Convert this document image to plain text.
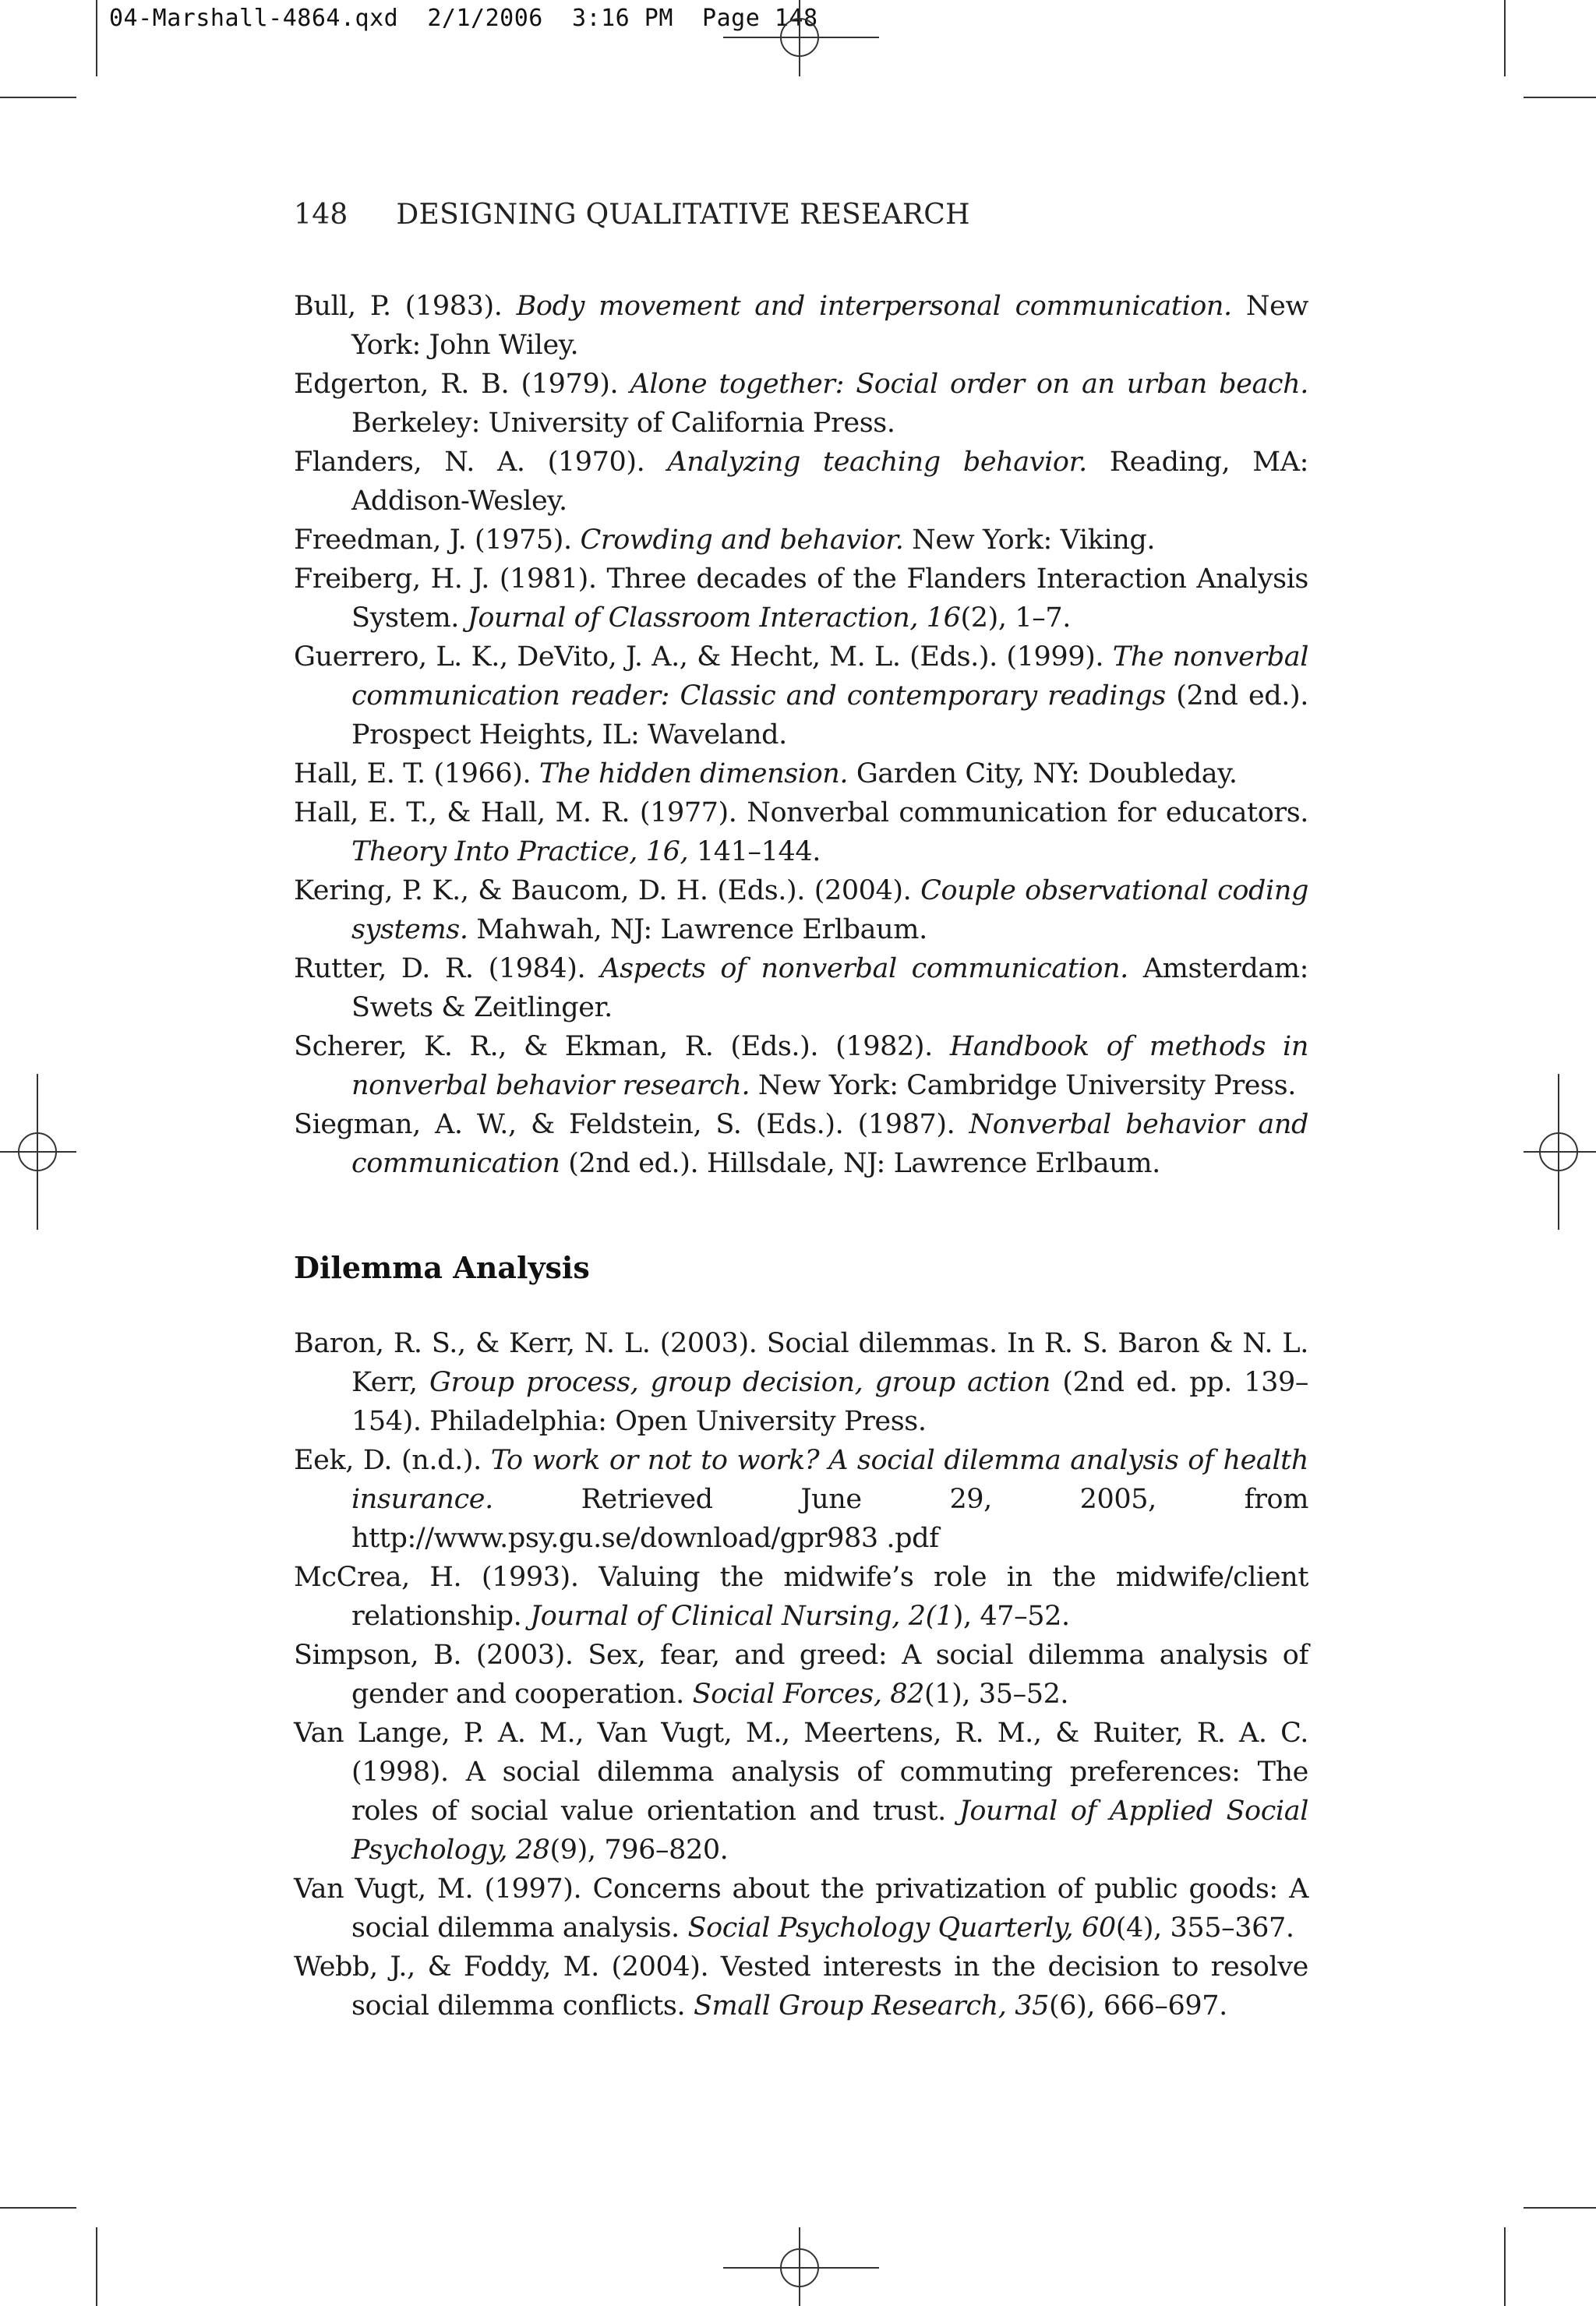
04-Marshall-4864.qxd  2/1/2006  3:16 PM  Page 148
148 DESIGNING QUALITATIVE RESEARCH

Bull, P. (1983). Body movement and interpersonal communication. New York: John Wiley.

Edgerton, R. B. (1979). Alone together: Social order on an urban beach. Berkeley: University of California Press.

Flanders, N. A. (1970). Analyzing teaching behavior. Reading, MA: Addison-Wesley.

Freedman, J. (1975). Crowding and behavior. New York: Viking.

Freiberg, H. J. (1981). Three decades of the Flanders Interaction Analysis System. Journal of Classroom Interaction, 16(2), 1–7.

Guerrero, L. K., DeVito, J. A., & Hecht, M. L. (Eds.). (1999). The nonverbal communication reader: Classic and contemporary readings (2nd ed.). Prospect Heights, IL: Waveland.

Hall, E. T. (1966). The hidden dimension. Garden City, NY: Doubleday.

Hall, E. T., & Hall, M. R. (1977). Nonverbal communication for educators. Theory Into Practice, 16, 141–144.

Kering, P. K., & Baucom, D. H. (Eds.). (2004). Couple observational coding systems. Mahwah, NJ: Lawrence Erlbaum.

Rutter, D. R. (1984). Aspects of nonverbal communication. Amsterdam: Swets & Zeitlinger.

Scherer, K. R., & Ekman, R. (Eds.). (1982). Handbook of methods in nonverbal behavior research. New York: Cambridge University Press.

Siegman, A. W., & Feldstein, S. (Eds.). (1987). Nonverbal behavior and communication (2nd ed.). Hillsdale, NJ: Lawrence Erlbaum.

Dilemma Analysis

Baron, R. S., & Kerr, N. L. (2003). Social dilemmas. In R. S. Baron & N. L. Kerr, Group process, group decision, group action (2nd ed. pp. 139–154). Philadelphia: Open University Press.

Eek, D. (n.d.). To work or not to work? A social dilemma analysis of health insurance. Retrieved June 29, 2005, from http://www.psy.gu.se/download/gpr983 .pdf

McCrea, H. (1993). Valuing the midwife’s role in the midwife/client relationship. Journal of Clinical Nursing, 2(1), 47–52.

Simpson, B. (2003). Sex, fear, and greed: A social dilemma analysis of gender and cooperation. Social Forces, 82(1), 35–52.

Van Lange, P. A. M., Van Vugt, M., Meertens, R. M., & Ruiter, R. A. C. (1998). A social dilemma analysis of commuting preferences: The roles of social value orientation and trust. Journal of Applied Social Psychology, 28(9), 796–820.

Van Vugt, M. (1997). Concerns about the privatization of public goods: A social dilemma analysis. Social Psychology Quarterly, 60(4), 355–367.

Webb, J., & Foddy, M. (2004). Vested interests in the decision to resolve social dilemma conflicts. Small Group Research, 35(6), 666–697.
